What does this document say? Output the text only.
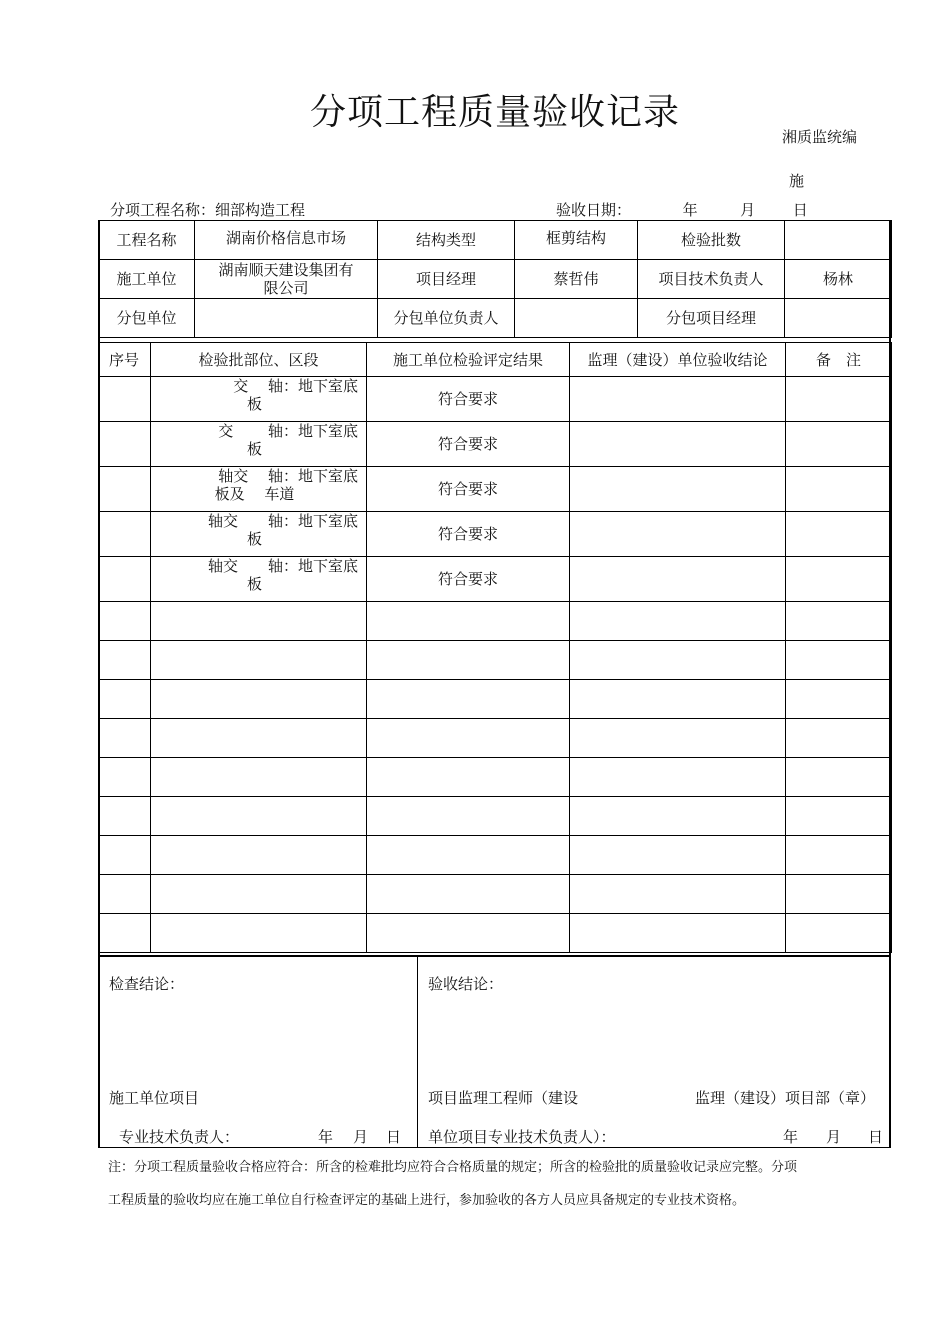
分项工程质量验收记录
湘质监统编
施
分项工程名称：细部构造工程	验收日期：	年	月	日
工程名称	湖南价格信息市场	结构类型	框剪结构	检验批数	
施工单位	湖南顺天建设集团有
限公司	项目经理	蔡哲伟	项目技术负责人	杨林
分包单位		分包单位负责人		分包项目经理	
序号	检验批部位、区段	施工单位检验评定结果	监理（建设）单位验收结论	备　注

	交　 轴：地下室底
板	符合要求		

	交　　 轴：地下室底
板	符合要求		

	轴交　 轴：地下室底
板及　 车道	符合要求		

	轴交　　轴：地下室底
板	符合要求		

	轴交　　轴：地下室底
板	符合要求		

检查结论：	验收结论：
施工单位项目
专业技术负责人：	年 月 日
项目监理工程师（建设	监理（建设）项目部（章）
单位项目专业技术负责人）：	年 月 日
注：分项工程质量验收合格应符合：所含的检难批均应符合合格质量的规定；所含的检验批的质量验收记录应完整。分项
工程质量的验收均应在施工单位自行检查评定的基础上进行，参加验收的各方人员应具备规定的专业技术资格。
